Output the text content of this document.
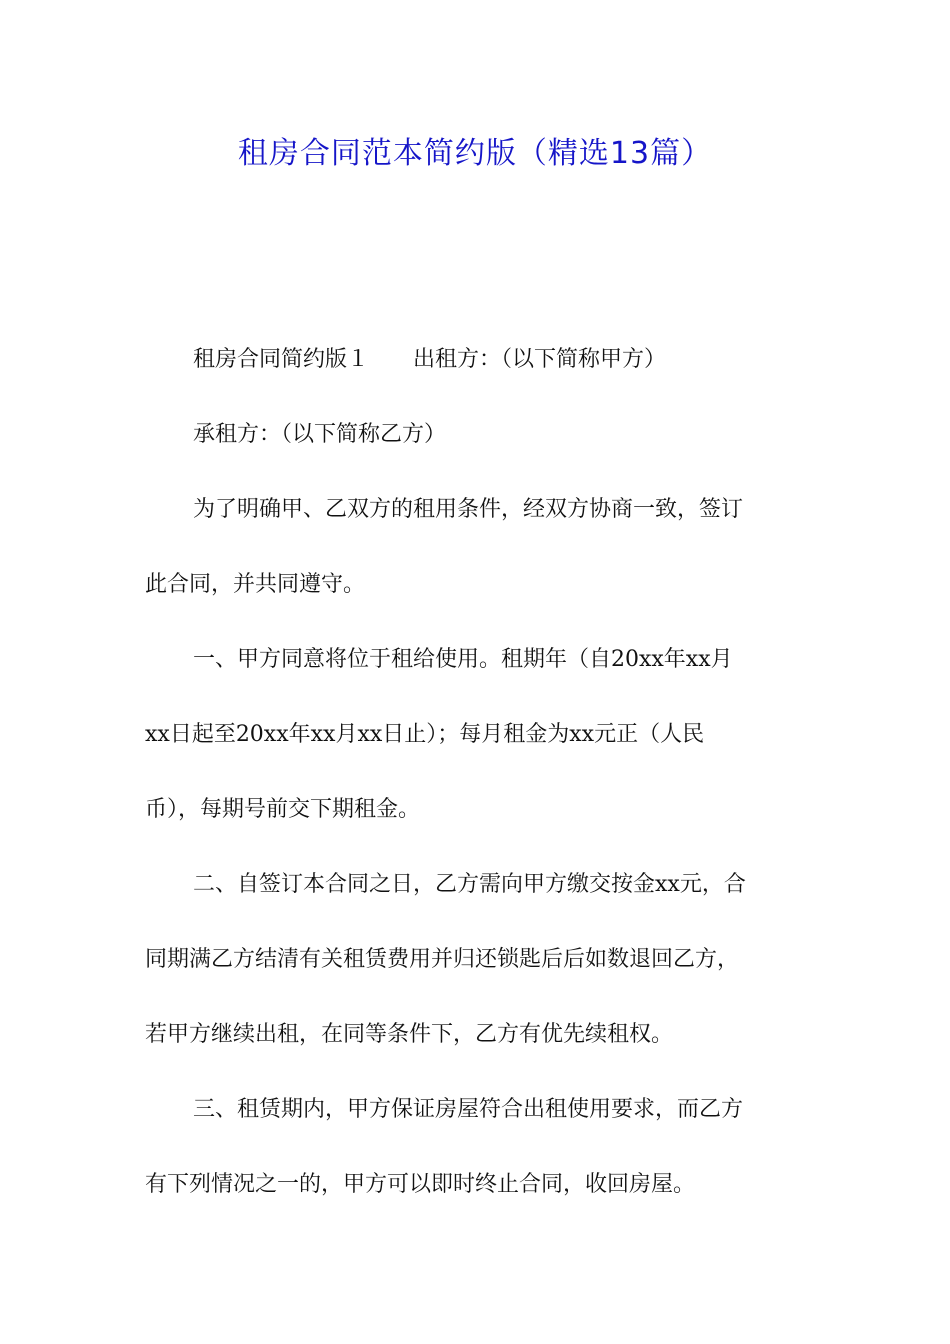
租房合同范本简约版（精选13篇）
租房合同简约版１ 出租方：（以下简称甲方）
承租方：（以下简称乙方）
为了明确甲、乙双方的租用条件，经双方协商一致，签订
此合同，并共同遵守。
一、甲方同意将位于租给使用。租期年（自20xx年xx月
xx日起至20xx年xx月xx日止）；每月租金为xx元正（人民
币），每期号前交下期租金。
二、自签订本合同之日，乙方需向甲方缴交按金xx元，合
同期满乙方结清有关租赁费用并归还锁匙后后如数退回乙方，
若甲方继续出租，在同等条件下，乙方有优先续租权。
三、租赁期内，甲方保证房屋符合出租使用要求，而乙方
有下列情况之一的，甲方可以即时终止合同，收回房屋。
